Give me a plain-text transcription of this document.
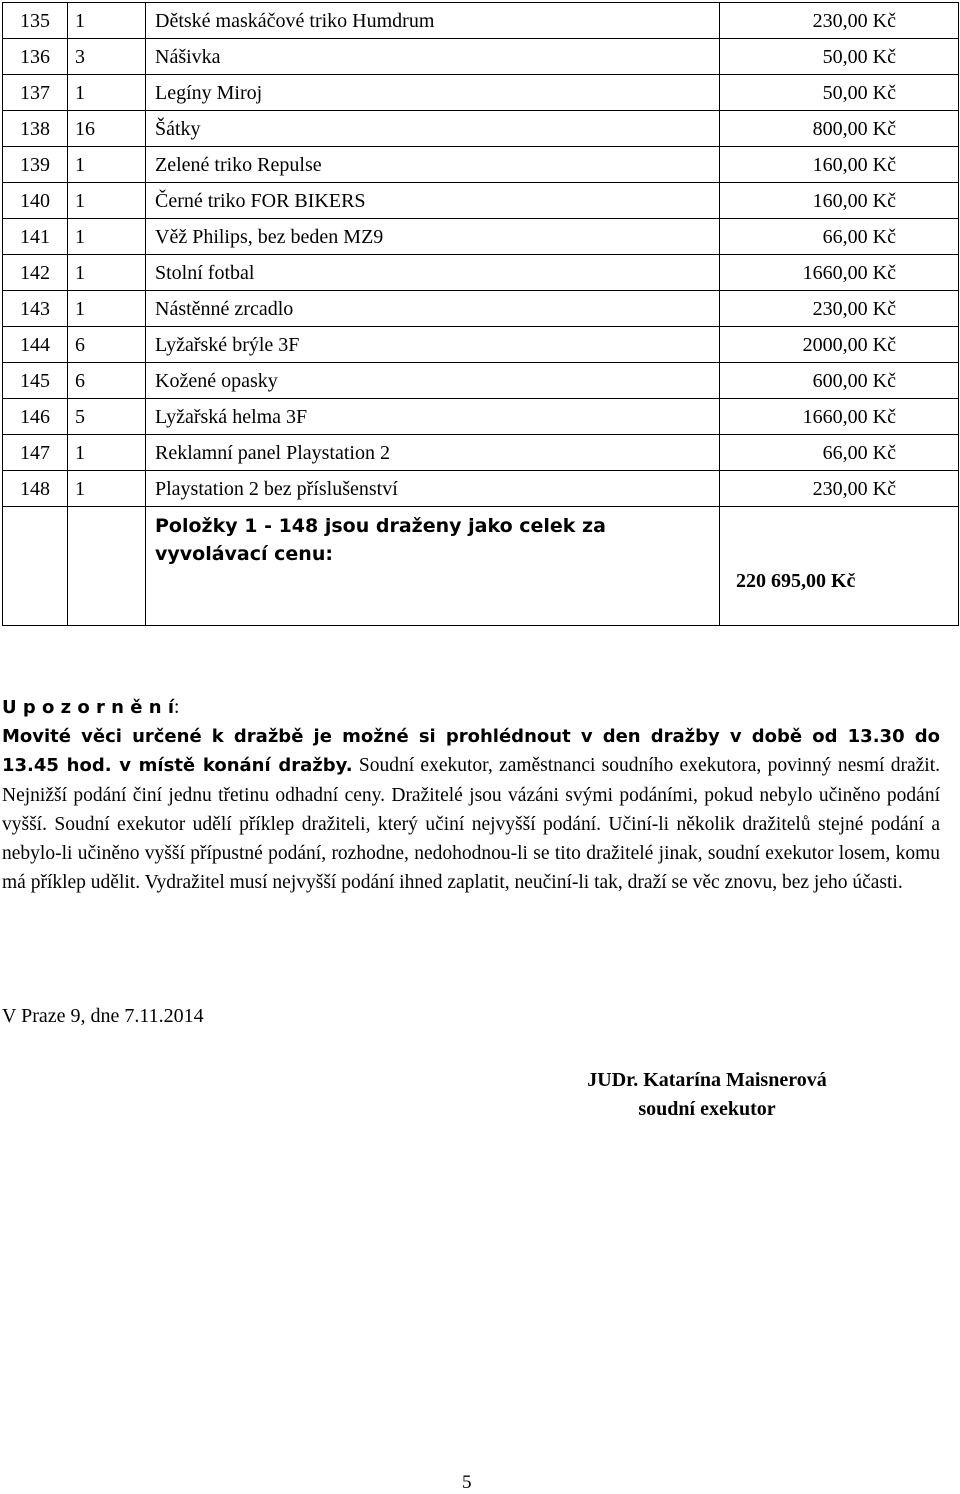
135	1	Dětské maskáčové triko Humdrum	230,00 Kč
136	3	Nášivka	50,00 Kč
137	1	Legíny Miroj	50,00 Kč
138	16	Šátky	800,00 Kč
139	1	Zelené triko Repulse	160,00 Kč
140	1	Černé triko FOR BIKERS	160,00 Kč
141	1	Věž Philips, bez beden MZ9	66,00 Kč
142	1	Stolní fotbal	1660,00 Kč
143	1	Nástěnné zrcadlo	230,00 Kč
144	6	Lyžařské brýle 3F	2000,00 Kč
145	6	Kožené opasky	600,00 Kč
146	5	Lyžařská helma 3F	1660,00 Kč
147	1	Reklamní panel Playstation 2	66,00 Kč
148	1	Playstation 2 bez příslušenství	230,00 Kč
		Položky 1 - 148 jsou draženy jako celek za vyvolávací cenu:	220 695,00 Kč
U p o z o r n ě n í:
Movité věci určené k dražbě je možné si prohlédnout v den dražby v době od 13.30 do 13.45 hod. v místě konání dražby. Soudní exekutor, zaměstnanci soudního exekutora, povinný nesmí dražit. Nejnižší podání činí jednu třetinu odhadní ceny. Dražitelé jsou vázáni svými podáními, pokud nebylo učiněno podání vyšší. Soudní exekutor udělí příklep dražiteli, který učiní nejvyšší podání. Učiní-li několik dražitelů stejné podání a nebylo-li učiněno vyšší přípustné podání, rozhodne, nedohodnou-li se tito dražitelé jinak, soudní exekutor losem, komu má příklep udělit. Vydražitel musí nejvyšší podání ihned zaplatit, neučiní-li tak, draží se věc znovu, bez jeho účasti.
V Praze 9, dne 7.11.2014
JUDr. Katarína Maisnerová
soudní exekutor
5
